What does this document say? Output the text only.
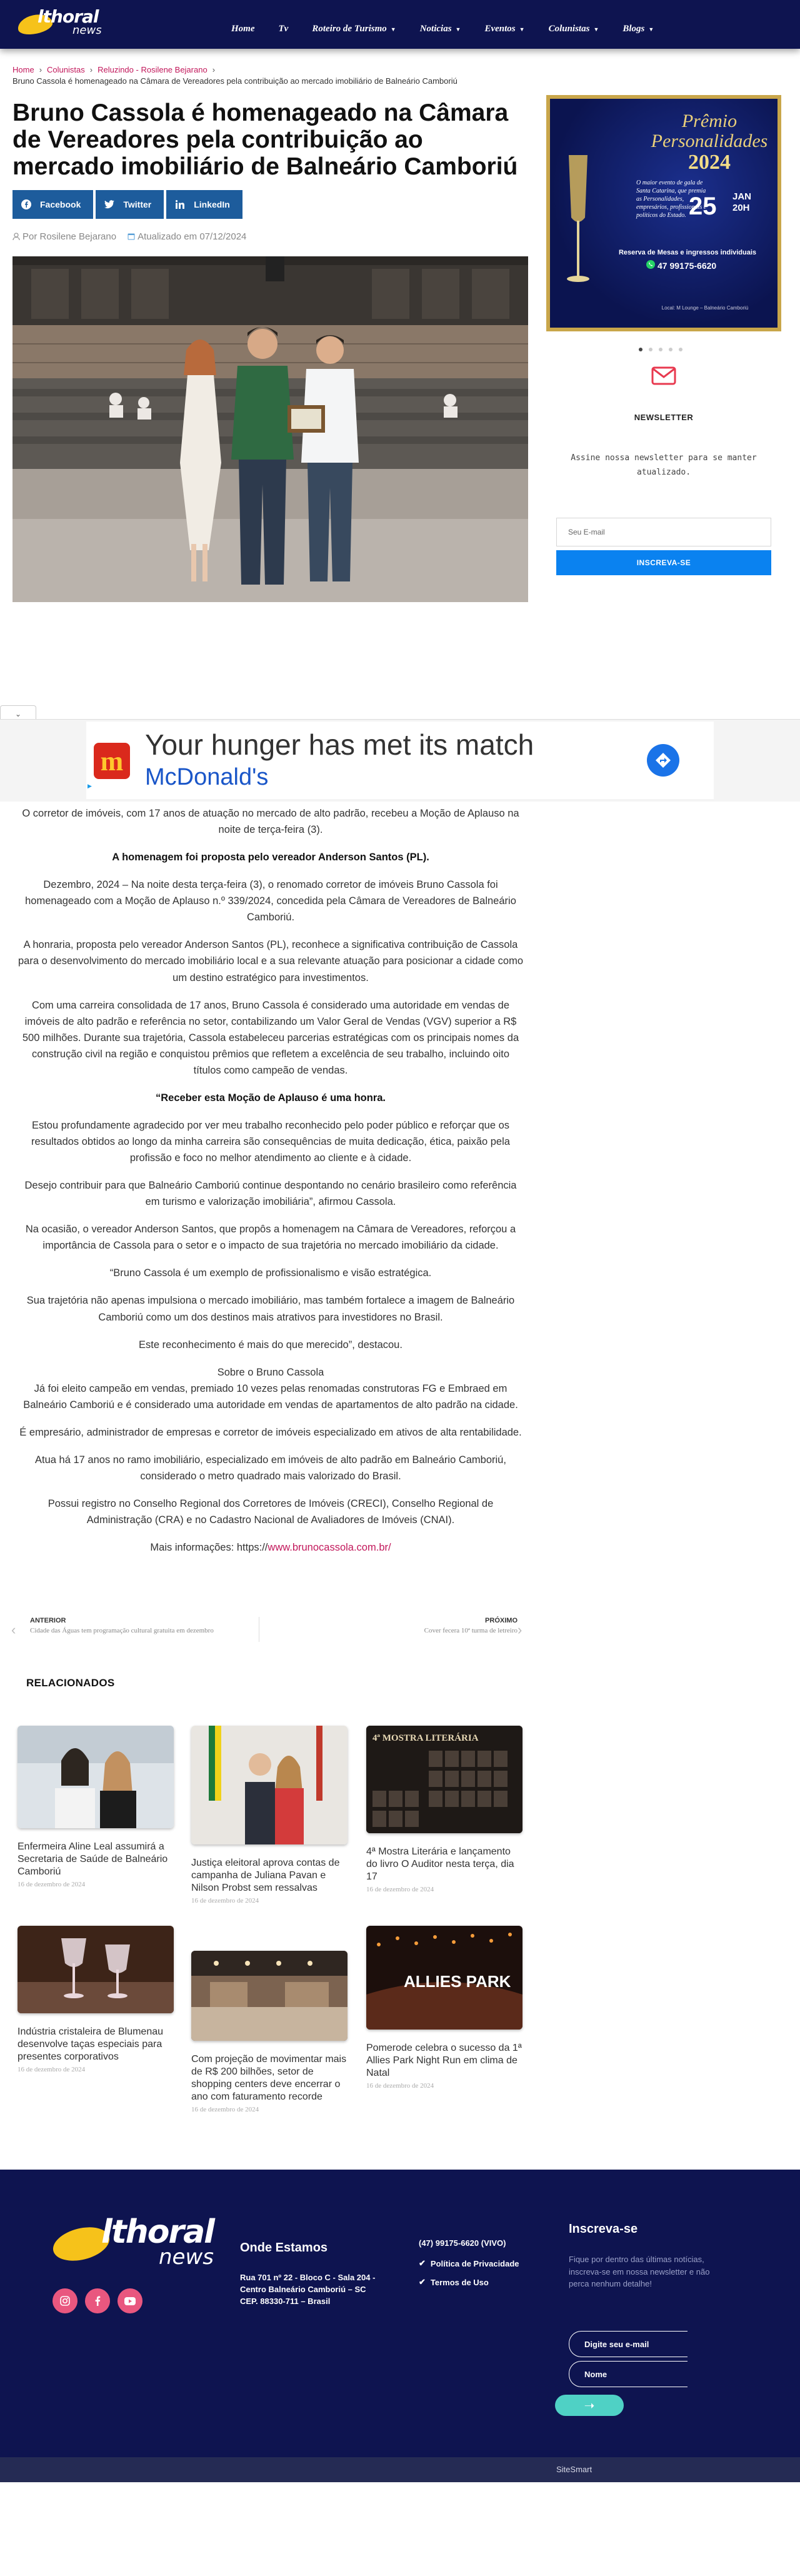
lthoral
news	Home	Tv	Roteiro de Turismo ▼	Noticias ▼	Eventos ▼	Colunistas ▼	Blogs ▼
Home › Colunistas › Reluzindo - Rosilene Bejarano ›
Bruno Cassola é homenageado na Câmara de Vereadores pela contribuição ao mercado imobiliário de Balneário Camboriú
Bruno Cassola é homenageado na Câmara de Vereadores pela contribuição ao mercado imobiliário de Balneário Camboriú
Facebook	Twitter	LinkedIn
Por Rosilene Bejarano	Atualizado em 07/12/2024
Prêmio
Personalidades
2024
O maior evento de gala de Santa Catarina, que premia as Personalidades, empresários, profissionais e políticos do Estado. 25 JAN
20H
Reserva de Mesas e ingressos individuais
47 99175-6620
Local: M Lounge – Balneário Camboriú
NEWSLETTER
Assine nossa newsletter para se manter atualizado.
Seu E-mail
INSCREVA-SE
⌄
m Your hunger has met its match
McDonald's
▶

O corretor de imóveis, com 17 anos de atuação no mercado de alto padrão, recebeu a Moção de Aplauso na noite de terça-feira (3).

A homenagem foi proposta pelo vereador Anderson Santos (PL).

Dezembro, 2024 – Na noite desta terça-feira (3), o renomado corretor de imóveis Bruno Cassola foi homenageado com a Moção de Aplauso n.º 339/2024, concedida pela Câmara de Vereadores de Balneário Camboriú.

A honraria, proposta pelo vereador Anderson Santos (PL), reconhece a significativa contribuição de Cassola para o desenvolvimento do mercado imobiliário local e a sua relevante atuação para posicionar a cidade como um destino estratégico para investimentos.

Com uma carreira consolidada de 17 anos, Bruno Cassola é considerado uma autoridade em vendas de imóveis de alto padrão e referência no setor, contabilizando um Valor Geral de Vendas (VGV) superior a R$ 500 milhões. Durante sua trajetória, Cassola estabeleceu parcerias estratégicas com os principais nomes da construção civil na região e conquistou prêmios que refletem a excelência de seu trabalho, incluindo oito títulos como campeão de vendas.

“Receber esta Moção de Aplauso é uma honra.

Estou profundamente agradecido por ver meu trabalho reconhecido pelo poder público e reforçar que os resultados obtidos ao longo da minha carreira são consequências de muita dedicação, ética, paixão pela profissão e foco no melhor atendimento ao cliente e à cidade.

Desejo contribuir para que Balneário Camboriú continue despontando no cenário brasileiro como referência em turismo e valorização imobiliária”, afirmou Cassola.

Na ocasião, o vereador Anderson Santos, que propôs a homenagem na Câmara de Vereadores, reforçou a importância de Cassola para o setor e o impacto de sua trajetória no mercado imobiliário da cidade.

“Bruno Cassola é um exemplo de profissionalismo e visão estratégica.

Sua trajetória não apenas impulsiona o mercado imobiliário, mas também fortalece a imagem de Balneário Camboriú como um dos destinos mais atrativos para investidores no Brasil.

Este reconhecimento é mais do que merecido”, destacou.

Sobre o Bruno Cassola
Já foi eleito campeão em vendas, premiado 10 vezes pelas renomadas construtoras FG e Embraed em Balneário Camboriú e é considerado uma autoridade em vendas de apartamentos de alto padrão na cidade.

É empresário, administrador de empresas e corretor de imóveis especializado em ativos de alta rentabilidade.

Atua há 17 anos no ramo imobiliário, especializado em imóveis de alto padrão em Balneário Camboriú, considerado o metro quadrado mais valorizado do Brasil.

Possui registro no Conselho Regional dos Corretores de Imóveis (CRECI), Conselho Regional de Administração (CRA) e no Cadastro Nacional de Avaliadores de Imóveis (CNAI).

Mais informações: https://www.brunocassola.com.br/

‹
ANTERIOR
Cidade das Águas tem programação cultural gratuita em dezembro
PRÓXIMO
Cover fecera 10ª turma de letreiro ›
RELACIONADOS
Enfermeira Aline Leal assumirá a Secretaria de Saúde de Balneário Camboriú
16 de dezembro de 2024
Justiça eleitoral aprova contas de campanha de Juliana Pavan e Nilson Probst sem ressalvas
16 de dezembro de 2024
4ª MOSTRA LITERÁRIA
4ª Mostra Literária e lançamento do livro O Auditor nesta terça, dia 17
16 de dezembro de 2024
Indústria cristaleira de Blumenau desenvolve taças especiais para presentes corporativos
16 de dezembro de 2024
Com projeção de movimentar mais de R$ 200 bilhões, setor de shopping centers deve encerrar o ano com faturamento recorde
16 de dezembro de 2024
ALLIES PARK
Pomerode celebra o sucesso da 1ª Allies Park Night Run em clima de Natal
16 de dezembro de 2024
lthoral
news Onde Estamos
Rua 701 nº 22 - Bloco C - Sala 204 - Centro Balneário Camboriú – SC CEP. 88330-711 – Brasil
(47) 99175-6620 (VIVO)
✔ Política de Privacidade
✔ Termos de Uso
Inscreva-se
Fique por dentro das últimas notícias, inscreva-se em nossa newsletter e não perca nenhum detalhe!
Digite seu e-mail
Nome
➝
SiteSmart
